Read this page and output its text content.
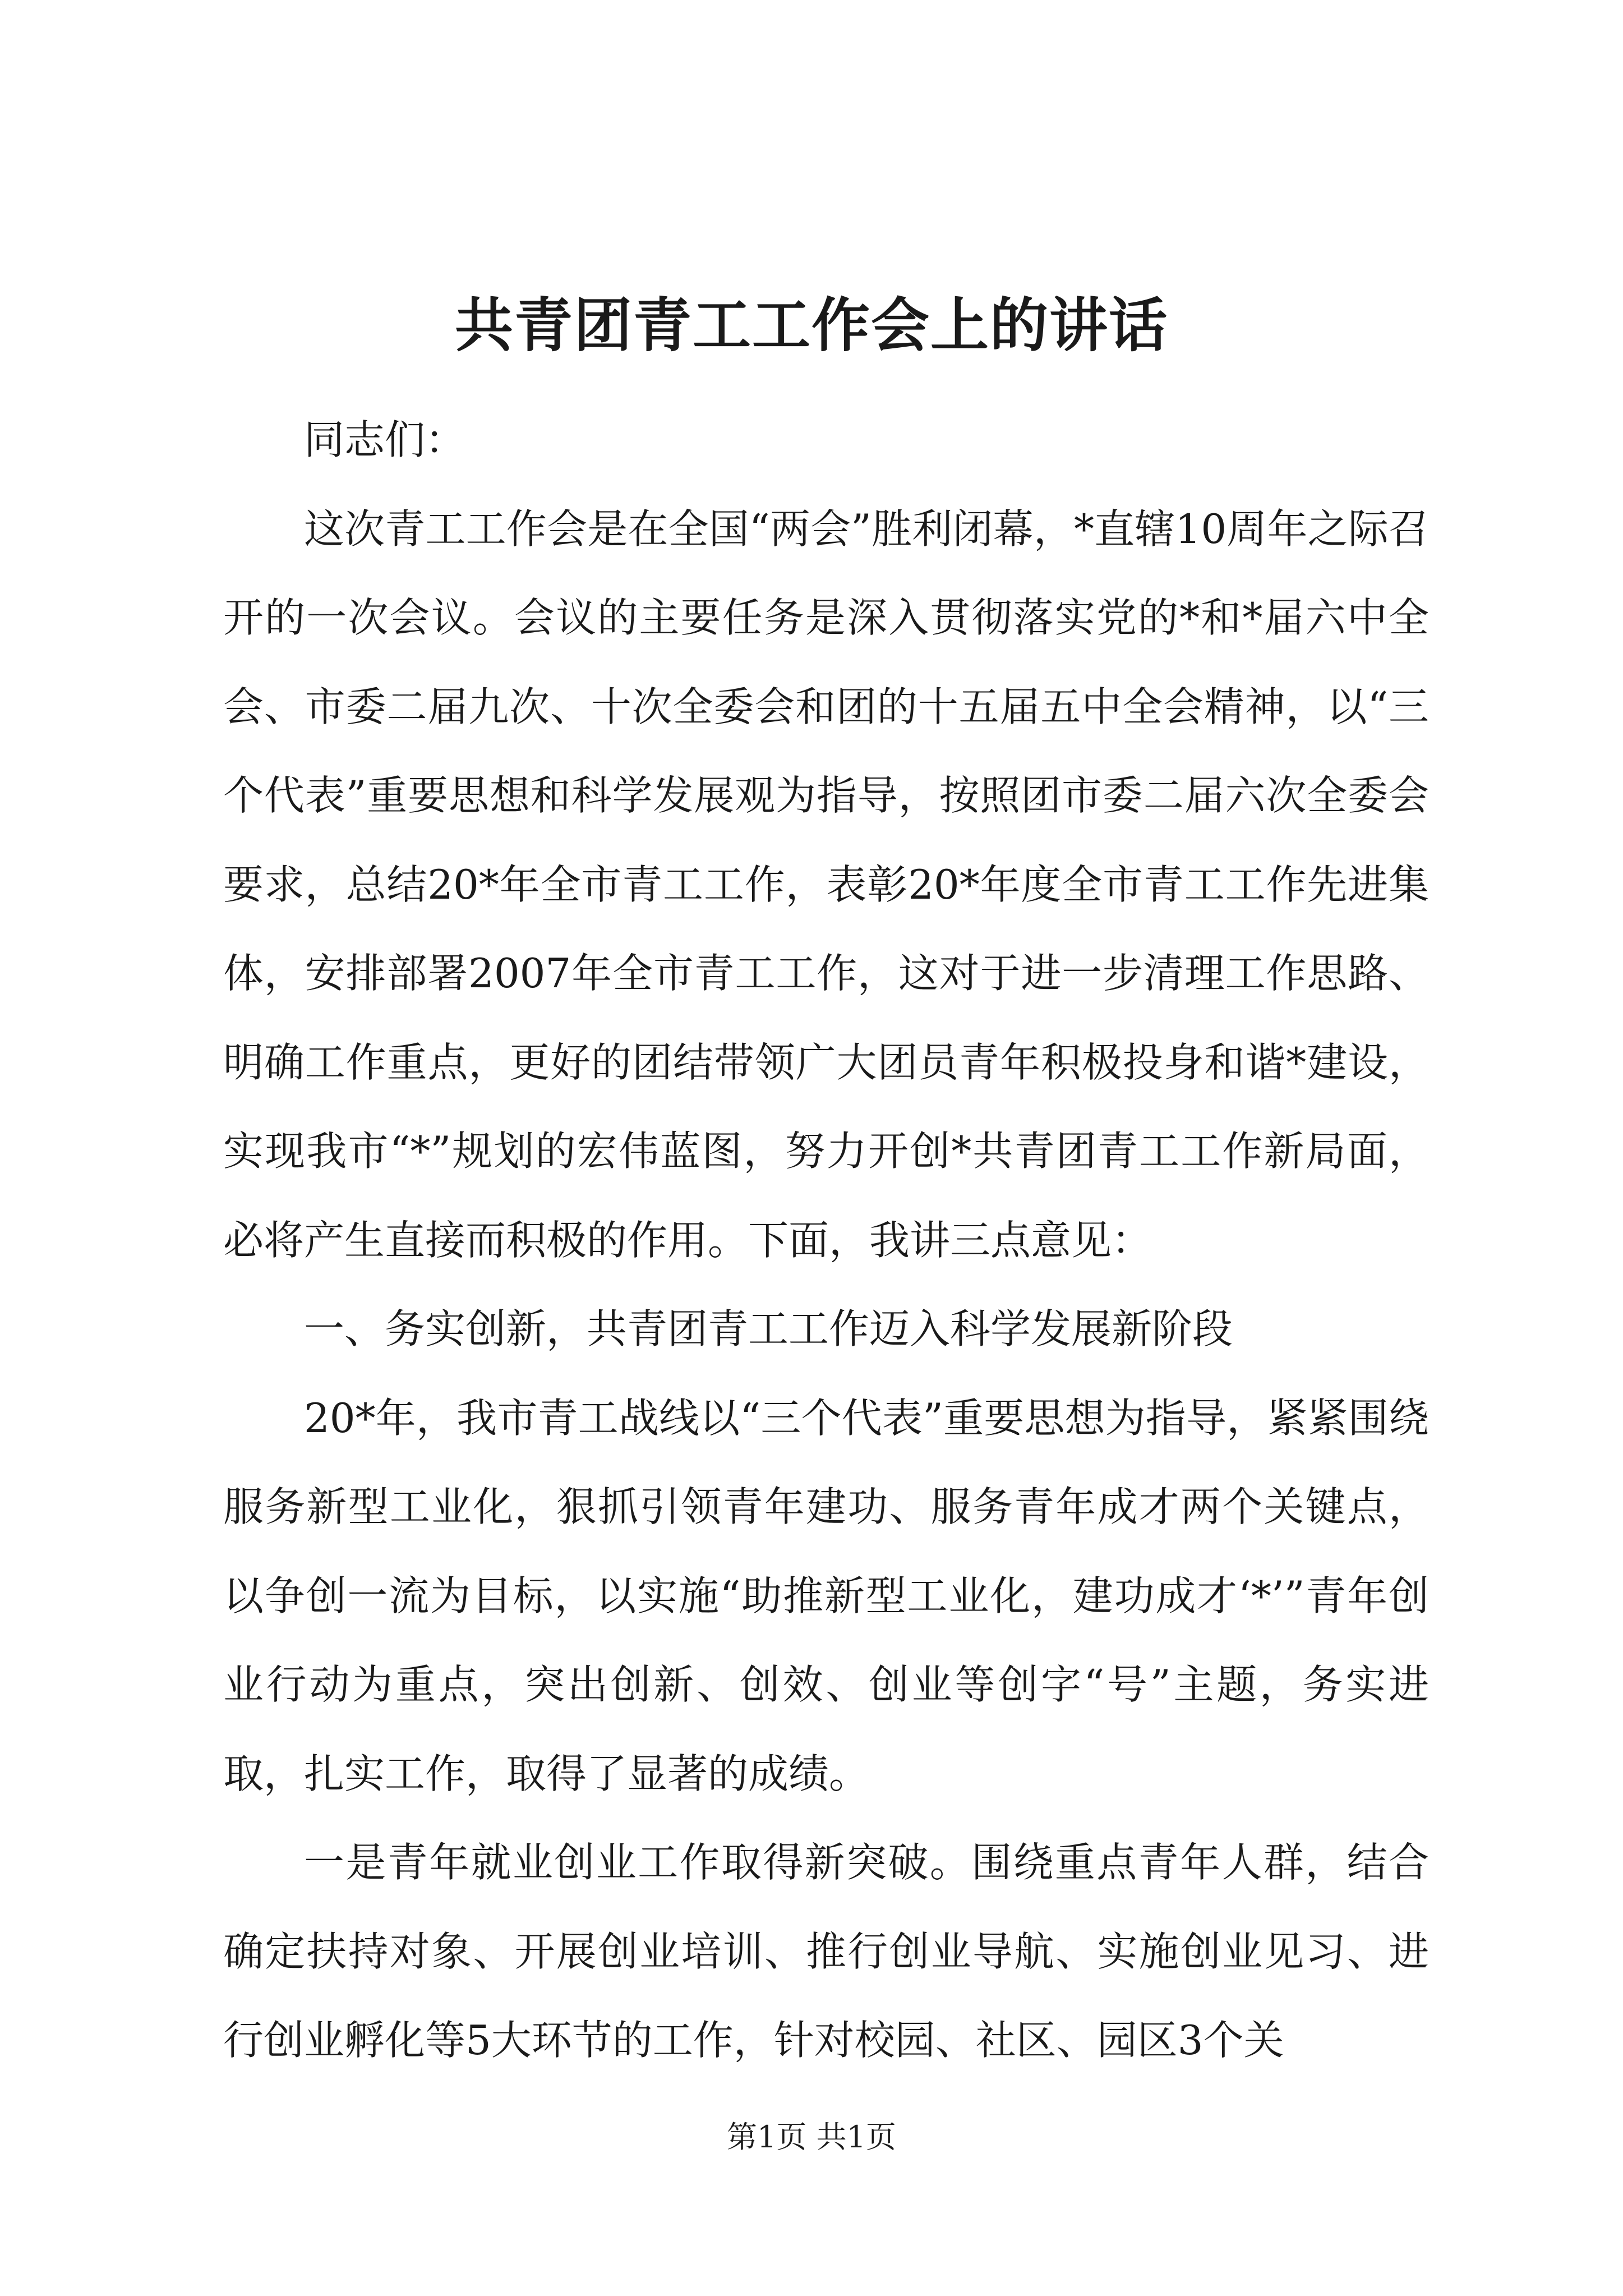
共青团青工工作会上的讲话

同志们：

这次青工工作会是在全国“两会”胜利闭幕，*直辖10周年之际召开的一次会议。会议的主要任务是深入贯彻落实党的*和*届六中全会、市委二届九次、十次全委会和团的十五届五中全会精神，以“三个代表”重要思想和科学发展观为指导，按照团市委二届六次全委会要求，总结20*年全市青工工作，表彰20*年度全市青工工作先进集体，安排部署2007年全市青工工作，这对于进一步清理工作思路、明确工作重点，更好的团结带领广大团员青年积极投身和谐*建设，实现我市“*”规划的宏伟蓝图，努力开创*共青团青工工作新局面，必将产生直接而积极的作用。下面，我讲三点意见：

一、务实创新，共青团青工工作迈入科学发展新阶段

20*年，我市青工战线以“三个代表”重要思想为指导，紧紧围绕服务新型工业化，狠抓引领青年建功、服务青年成才两个关键点，以争创一流为目标，以实施“助推新型工业化，建功成才‘*’”青年创业行动为重点，突出创新、创效、创业等创字“号”主题，务实进取，扎实工作，取得了显著的成绩。

一是青年就业创业工作取得新突破。围绕重点青年人群，结合确定扶持对象、开展创业培训、推行创业导航、实施创业见习、进行创业孵化等5大环节的工作，针对校园、社区、园区3个关

第1页 共1页
